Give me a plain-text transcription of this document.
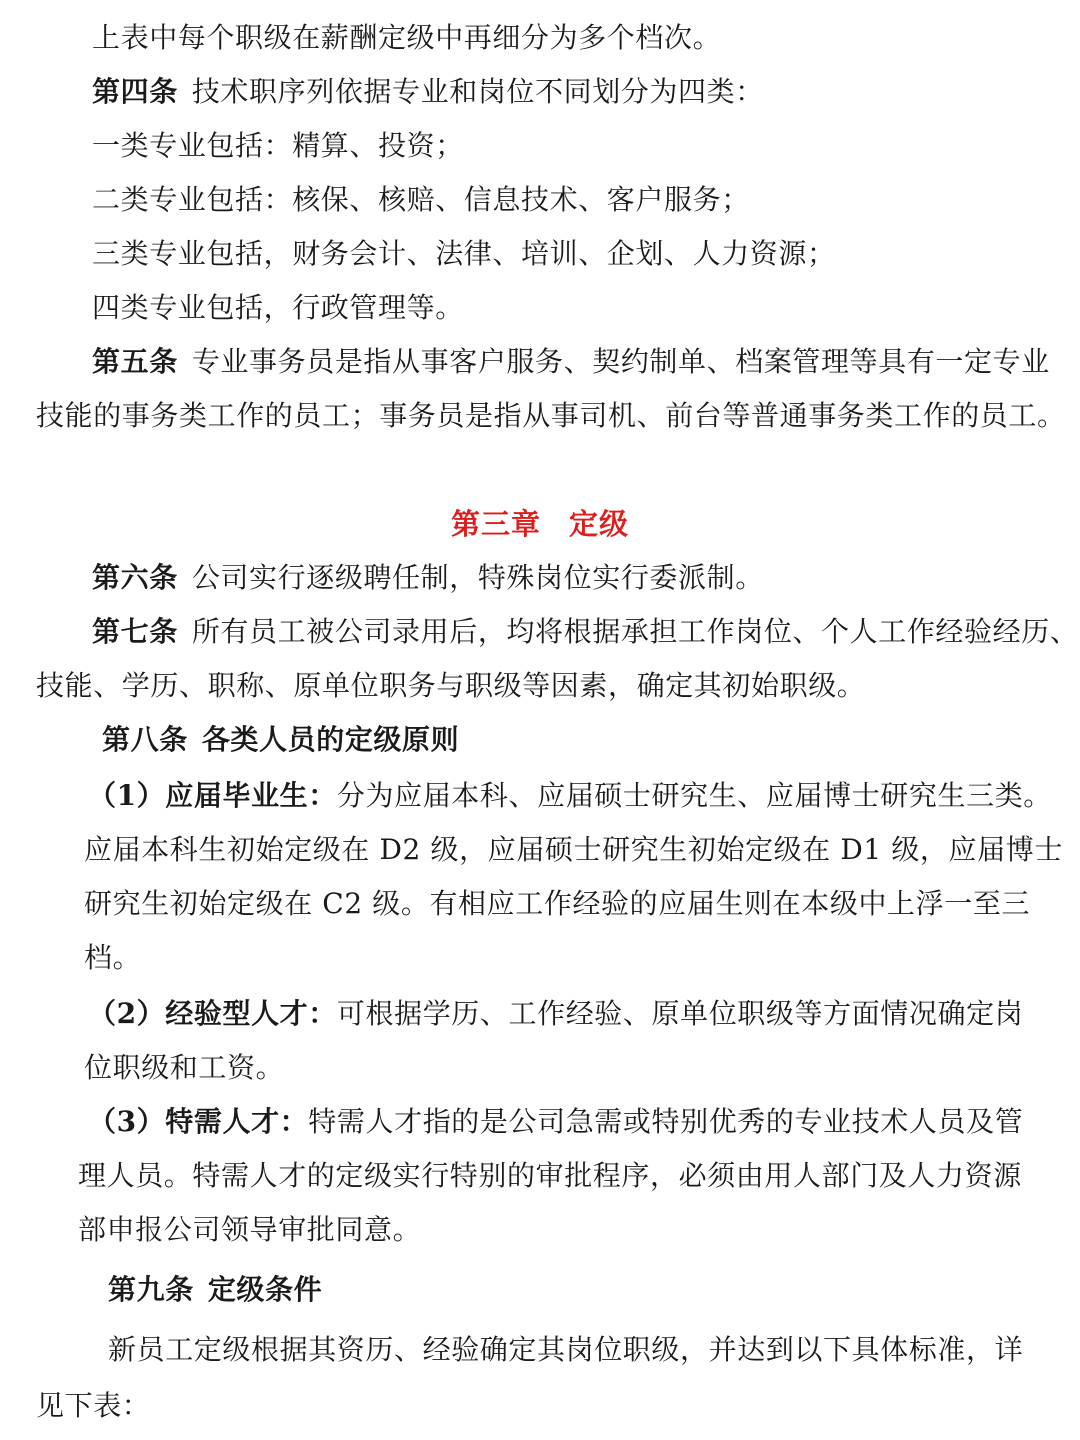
上表中每个职级在薪酬定级中再细分为多个档次。
第四条 技术职序列依据专业和岗位不同划分为四类：
一类专业包括：精算、投资；
二类专业包括：核保、核赔、信息技术、客户服务；
三类专业包括，财务会计、法律、培训、企划、人力资源；
四类专业包括，行政管理等。
第五条 专业事务员是指从事客户服务、契约制单、档案管理等具有一定专业
技能的事务类工作的员工；事务员是指从事司机、前台等普通事务类工作的员工。
第三章 定级
第六条 公司实行逐级聘任制，特殊岗位实行委派制。
第七条 所有员工被公司录用后，均将根据承担工作岗位、个人工作经验经历、
技能、学历、职称、原单位职务与职级等因素，确定其初始职级。
第八条 各类人员的定级原则
（1）应届毕业生：分为应届本科、应届硕士研究生、应届博士研究生三类。
应届本科生初始定级在 D2 级，应届硕士研究生初始定级在 D1 级，应届博士
研究生初始定级在 C2 级。有相应工作经验的应届生则在本级中上浮一至三
档。
（2）经验型人才：可根据学历、工作经验、原单位职级等方面情况确定岗
位职级和工资。
（3）特需人才：特需人才指的是公司急需或特别优秀的专业技术人员及管
理人员。特需人才的定级实行特别的审批程序，必须由用人部门及人力资源
部申报公司领导审批同意。
第九条 定级条件
新员工定级根据其资历、经验确定其岗位职级，并达到以下具体标准，详
见下表：
